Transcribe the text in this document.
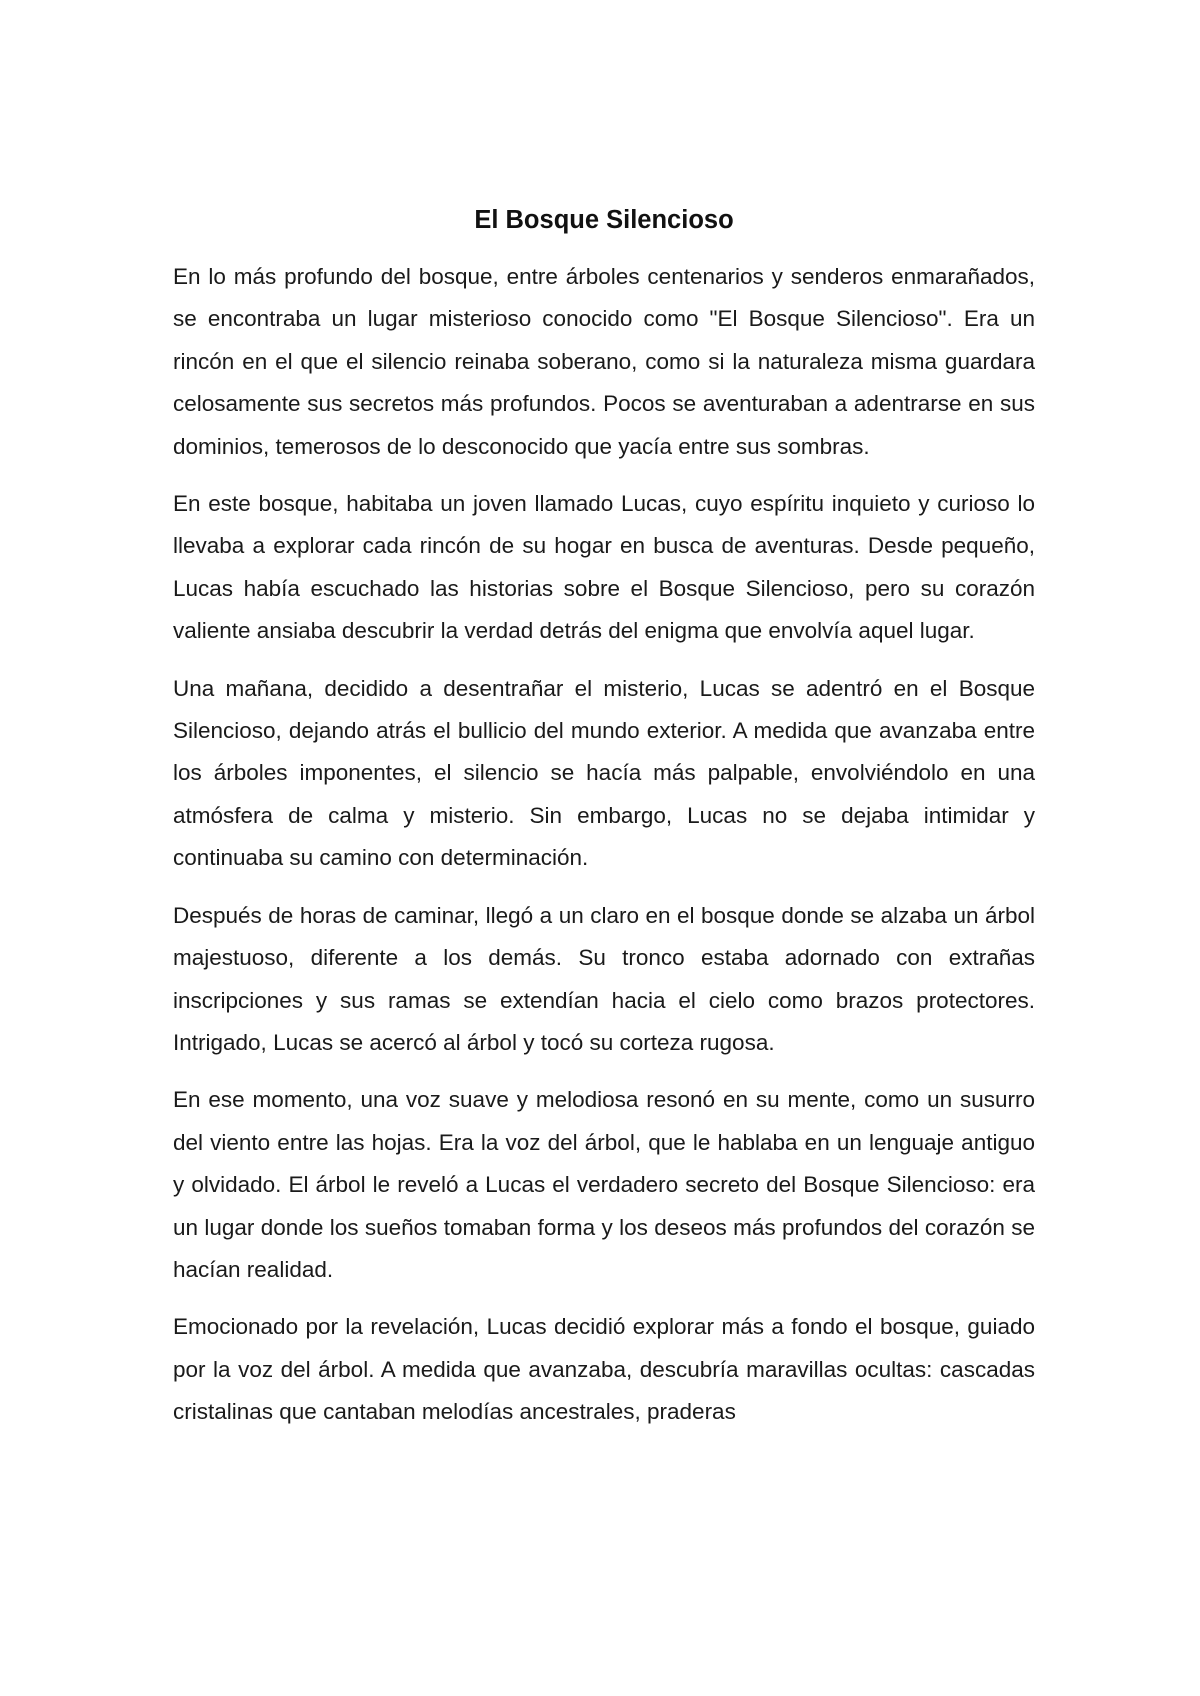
El Bosque Silencioso

En lo más profundo del bosque, entre árboles centenarios y senderos enmarañados, se encontraba un lugar misterioso conocido como "El Bosque Silencioso". Era un rincón en el que el silencio reinaba soberano, como si la naturaleza misma guardara celosamente sus secretos más profundos. Pocos se aventuraban a adentrarse en sus dominios, temerosos de lo desconocido que yacía entre sus sombras.

En este bosque, habitaba un joven llamado Lucas, cuyo espíritu inquieto y curioso lo llevaba a explorar cada rincón de su hogar en busca de aventuras. Desde pequeño, Lucas había escuchado las historias sobre el Bosque Silencioso, pero su corazón valiente ansiaba descubrir la verdad detrás del enigma que envolvía aquel lugar.

Una mañana, decidido a desentrañar el misterio, Lucas se adentró en el Bosque Silencioso, dejando atrás el bullicio del mundo exterior. A medida que avanzaba entre los árboles imponentes, el silencio se hacía más palpable, envolviéndolo en una atmósfera de calma y misterio. Sin embargo, Lucas no se dejaba intimidar y continuaba su camino con determinación.

Después de horas de caminar, llegó a un claro en el bosque donde se alzaba un árbol majestuoso, diferente a los demás. Su tronco estaba adornado con extrañas inscripciones y sus ramas se extendían hacia el cielo como brazos protectores. Intrigado, Lucas se acercó al árbol y tocó su corteza rugosa.

En ese momento, una voz suave y melodiosa resonó en su mente, como un susurro del viento entre las hojas. Era la voz del árbol, que le hablaba en un lenguaje antiguo y olvidado. El árbol le reveló a Lucas el verdadero secreto del Bosque Silencioso: era un lugar donde los sueños tomaban forma y los deseos más profundos del corazón se hacían realidad.

Emocionado por la revelación, Lucas decidió explorar más a fondo el bosque, guiado por la voz del árbol. A medida que avanzaba, descubría maravillas ocultas: cascadas cristalinas que cantaban melodías ancestrales, praderas
